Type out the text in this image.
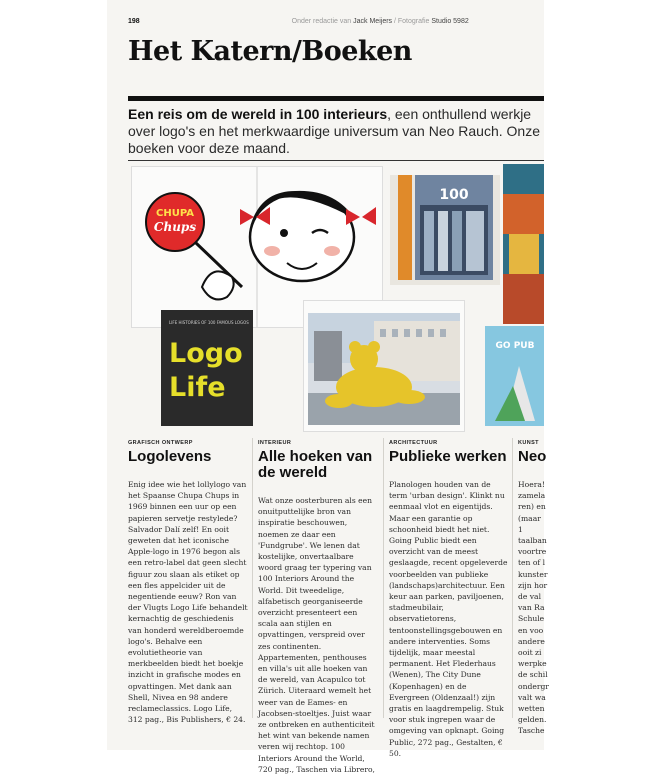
198	Onder redactie van Jack Meijers / Fotografie Studio 5982
Het Katern/Boeken
Een reis om de wereld in 100 interieurs, een onthullend werkje over logo's en het merkwaardige universum van Neo Rauch. Onze boeken voor deze maand.
CHUPA
Chups
LIFE HISTORIES OF 100 FAMOUS LOGOS
Logo
Life
100
GO PUB
GRAFISCH ONTWERP
Logolevens
Enig idee wie het lollylogo van het Spaanse Chupa Chups in 1969 binnen een uur op een papieren servetje restylede? Salvador Dalí zelf! En ooit geweten dat het iconische Apple-logo in 1976 begon als een retro-label dat geen slecht figuur zou slaan als etiket op een fles appelcider uit de negentiende eeuw? Ron van der Vlugts Logo Life behandelt kernachtig de geschiedenis van honderd wereldberoemde logo's. Behalve een evolutietheorie van merkbeelden biedt het boekje inzicht in grafische modes en opvattingen. Met dank aan Shell, Nivea en 98 andere reclameclassics. Logo Life, 312 pag., Bis Publishers, € 24.
INTERIEUR
Alle hoeken van de wereld
Wat onze oosterburen als een onuitputtelijke bron van inspiratie beschouwen, noemen ze daar een 'Fundgrube'. We lenen dat kostelijke, onvertaalbare woord graag ter typering van 100 Interiors Around the World. Dit tweedelige, alfabetisch georganiseerde overzicht presenteert een scala aan stijlen en opvattingen, verspreid over zes continenten. Appartementen, penthouses en villa's uit alle hoeken van de wereld, van Acapulco tot Zürich. Uiteraard wemelt het weer van de Eames- en Jacobsen-stoeltjes. Juist waar ze ontbreken en authenticiteit het wint van bekende namen veren wij rechtop. 100 Interiors Around the World, 720 pag., Taschen via Librero,
ARCHITECTUUR
Publieke werken
Planologen houden van de term 'urban design'. Klinkt nu eenmaal vlot en eigentijds. Maar een garantie op schoonheid biedt het niet. Going Public biedt een overzicht van de meest geslaagde, recent opgeleverde voorbeelden van publieke (landschaps)architectuur. Een keur aan parken, paviljoenen, stadmeubilair, observatietorens, tentoonstellingsgebouwen en andere interventies. Soms tijdelijk, maar meestal permanent. Het Flederhaus (Wenen), The City Dune (Kopenhagen) en de Evergreen (Oldenzaal!) zijn gratis en laagdrempelig. Stuk voor stuk ingrepen waar de omgeving van opknapt. Going Public, 272 pag., Gestalten, € 50.
KUNST
Neo
Hoera! zamela ren) en (maar 1 taalban voortre ten of l kunster zijn hor de val van Ra Schule en voo andere ooit zi werpke de schil ondergr valt wa wetten gelden. Tasche
